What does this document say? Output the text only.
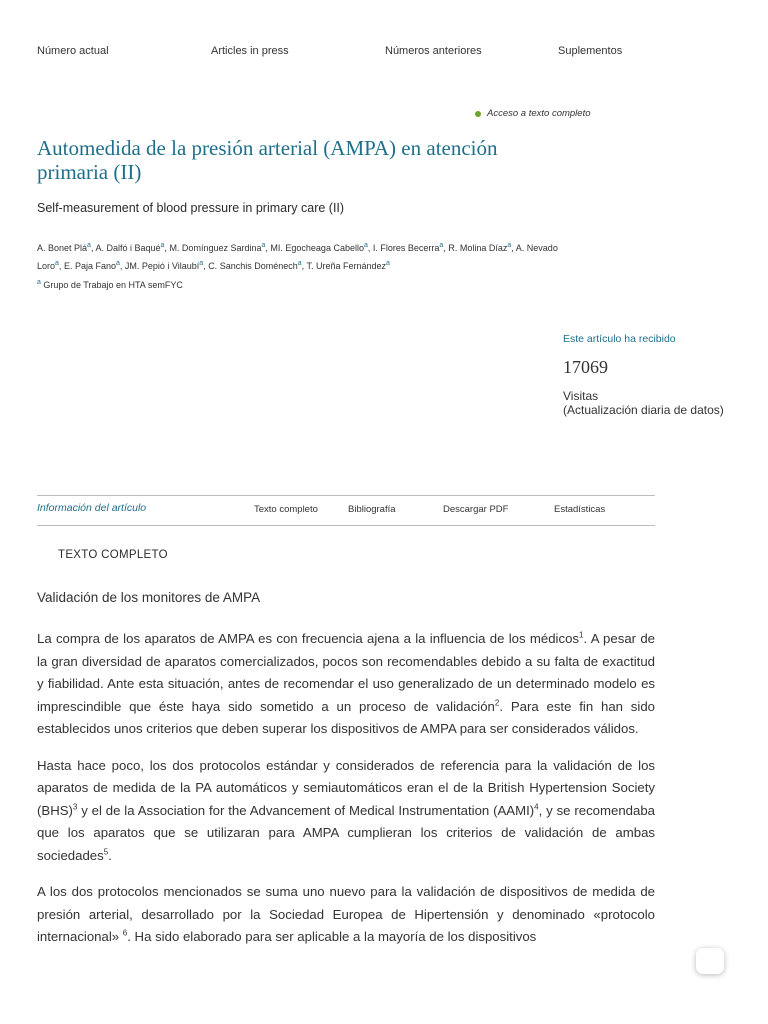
Número actual	Articles in press	Números anteriores	Suplementos
Acceso a texto completo
Automedida de la presión arterial (AMPA) en atención primaria (II)
Self-measurement of blood pressure in primary care (II)
A. Bonet Plá$^a$, A. Dalfó i Baqué$^a$, M. Domínguez Sardina$^a$, MI. Egocheaga Cabello$^a$, I. Flores Becerra$^a$, R. Molina Díaz$^a$, A. Nevado Loro$^a$, E. Paja Fano$^a$, JM. Pepió i Vilaubí$^a$, C. Sanchis Doménech$^a$, T. Ureña Fernández$^a$
$^a$ Grupo de Trabajo en HTA semFYC
Este artículo ha recibido
17069
Visitas
(Actualización diaria de datos)
Información del artículo	Texto completo	Bibliografía	Descargar PDF	Estadísticas
TEXTO COMPLETO
Validación de los monitores de AMPA

La compra de los aparatos de AMPA es con frecuencia ajena a la influencia de los médicos$^1$. A pesar de la gran diversidad de aparatos comercializados, pocos son recomendables debido a su falta de exactitud y fiabilidad. Ante esta situación, antes de recomendar el uso generalizado de un determinado modelo es imprescindible que éste haya sido sometido a un proceso de validación$^2$. Para este fin han sido establecidos unos criterios que deben superar los dispositivos de AMPA para ser considerados válidos.

Hasta hace poco, los dos protocolos estándar y considerados de referencia para la validación de los aparatos de medida de la PA automáticos y semiautomáticos eran el de la British Hypertension Society (BHS)$^3$ y el de la Association for the Advancement of Medical Instrumentation (AAMI)$^4$, y se recomendaba que los aparatos que se utilizaran para AMPA cumplieran los criterios de validación de ambas sociedades$^5$.

A los dos protocolos mencionados se suma uno nuevo para la validación de dispositivos de medida de presión arterial, desarrollado por la Sociedad Europea de Hipertensión y denominado «protocolo internacional» $^6$. Ha sido elaborado para ser aplicable a la mayoría de los dispositivos
